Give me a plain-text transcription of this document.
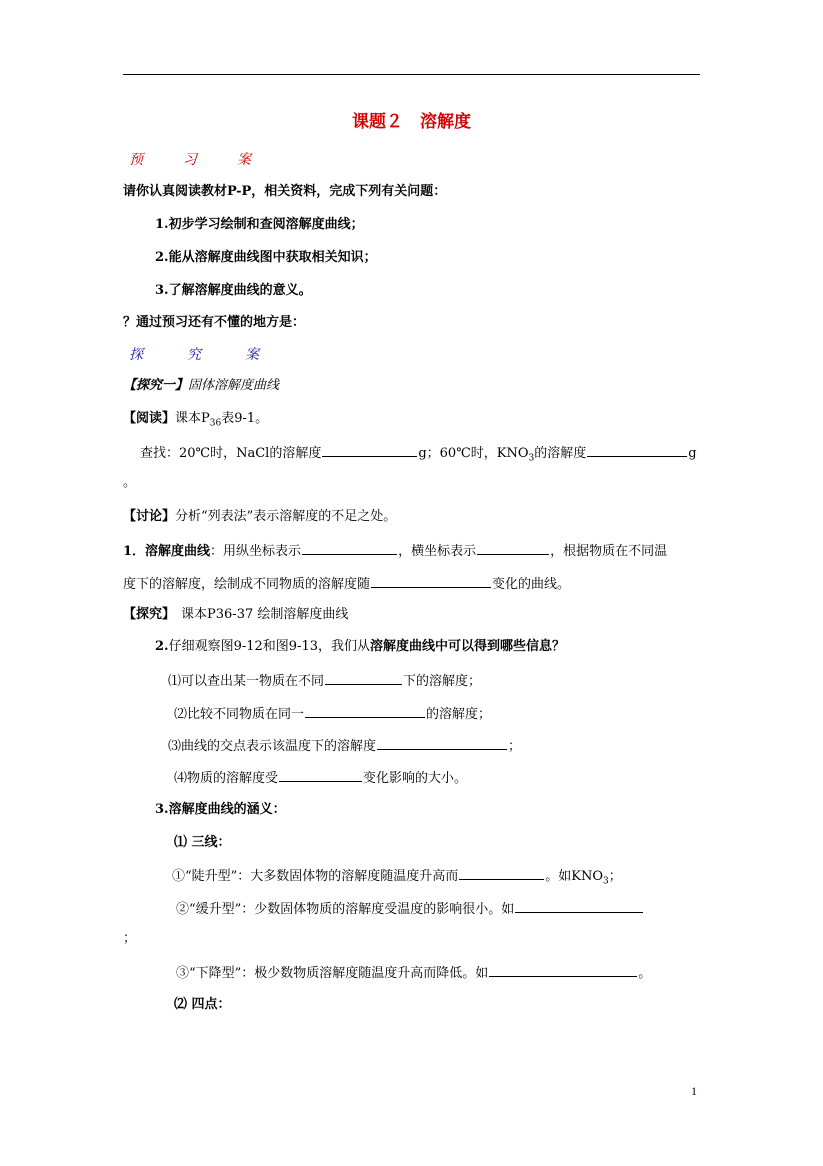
课题２　溶解度
预	习	案
请你认真阅读教材P-P，相关资料，完成下列有关问题：
1.初步学习绘制和查阅溶解度曲线；
2.能从溶解度曲线图中获取相关知识；
3.了解溶解度曲线的意义。
？通过预习还有不懂的地方是：
探	究	案
【探究一】固体溶解度曲线
【阅读】课本$P_{36}$表9-1。
查找：20℃时，NaCl的溶解度	g；60℃时，$KNO_3$的溶解度	g
。
【讨论】分析“列表法”表示溶解度的不足之处。
1．溶解度曲线：用纵坐标表示	，横坐标表示	，根据物质在不同温
度下的溶解度，绘制成不同物质的溶解度随	变化的曲线。
【探究】 课本P36-37 绘制溶解度曲线
2.仔细观察图9-12和图9-13，我们从溶解度曲线中可以得到哪些信息？
⑴可以查出某一物质在不同	下的溶解度；
⑵比较不同物质在同一	的溶解度；
⑶曲线的交点表示该温度下的溶解度	；
⑷物质的溶解度受	变化影响的大小。
3.溶解度曲线的涵义：
⑴ 三线：
①“陡升型”：大多数固体物的溶解度随温度升高而	。如$KNO_3$；
②“缓升型”：少数固体物质的溶解度受温度的影响很小。如
；
③“下降型”：极少数物质溶解度随温度升高而降低。如	。
⑵ 四点：
1
